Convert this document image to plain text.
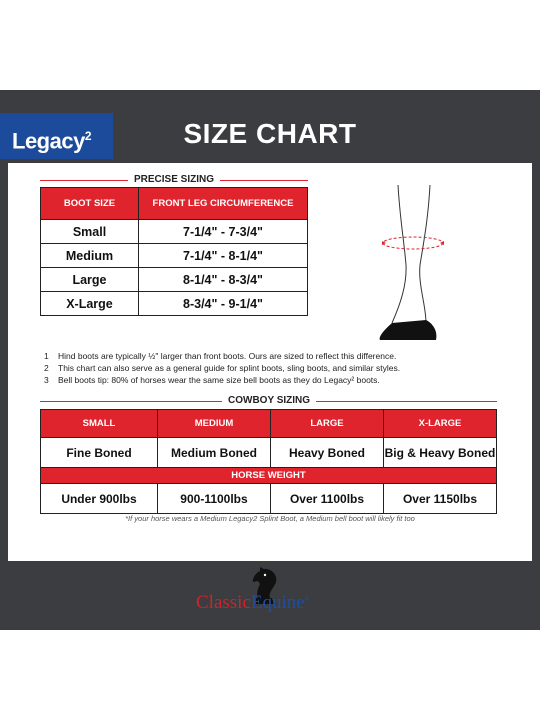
Legacy$^2$	SIZE CHART
PRECISE SIZING
BOOT SIZE	FRONT LEG CIRCUMFERENCE
Small	7-1/4" - 7-3/4"
Medium	7-1/4" - 8-1/4"
Large	8-1/4" - 8-3/4"
X-Large	8-3/4" - 9-1/4"
1 Hind boots are typically ½" larger than front boots. Ours are sized to reflect this difference.
2 This chart can also serve as a general guide for splint boots, sling boots, and similar styles.
3 Bell boots tip: 80% of horses wear the same size bell boots as they do Legacy² boots.
COWBOY SIZING
SMALL	MEDIUM	LARGE	X-LARGE
Fine Boned	Medium Boned	Heavy Boned	Big & Heavy Boned
HORSE WEIGHT			
Under 900lbs	900-1100lbs	Over 1100lbs	Over 1150lbs
*If your horse wears a Medium Legacy2 Splint Boot, a Medium bell boot will likely fit too
ClassicEquine®
